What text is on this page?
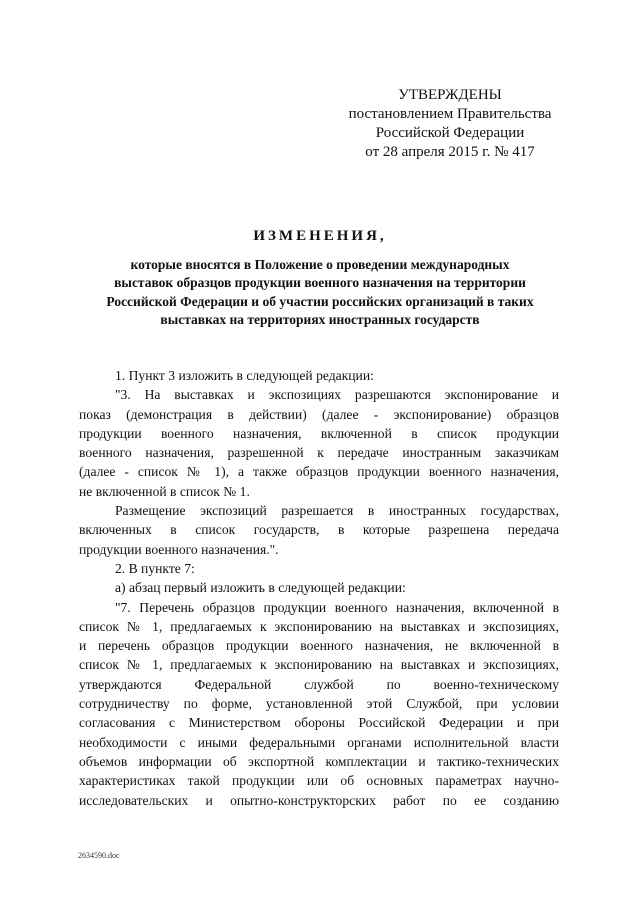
УТВЕРЖДЕНЫ
постановлением Правительства
Российской Федерации
от 28 апреля 2015 г. № 417
ИЗМЕНЕНИЯ,
которые вносятся в Положение о проведении международных
выставок образцов продукции военного назначения на территории
Российской Федерации и об участии российских организаций в таких
выставках на территориях иностранных государств

1. Пункт 3 изложить в следующей редакции:

"3. На выставках и экспозициях разрешаются экспонирование и
показ (демонстрация в действии) (далее - экспонирование) образцов
продукции военного назначения, включенной в список продукции
военного назначения, разрешенной к передаче иностранным заказчикам
(далее - список № 1), а также образцов продукции военного назначения,
не включенной в список № 1.

Размещение экспозиций разрешается в иностранных государствах,
включенных в список государств, в которые разрешена передача
продукции военного назначения.".

2. В пункте 7:

а) абзац первый изложить в следующей редакции:

"7. Перечень образцов продукции военного назначения, включенной в
список № 1, предлагаемых к экспонированию на выставках и экспозициях,
и перечень образцов продукции военного назначения, не включенной в
список № 1, предлагаемых к экспонированию на выставках и экспозициях,
утверждаются Федеральной службой по военно-техническому
сотрудничеству по форме, установленной этой Службой, при условии
согласования с Министерством обороны Российской Федерации и при
необходимости с иными федеральными органами исполнительной власти
объемов информации об экспортной комплектации и тактико-технических
характеристиках такой продукции или об основных параметрах научно-
исследовательских и опытно-конструкторских работ по ее созданию

2634590.doc
